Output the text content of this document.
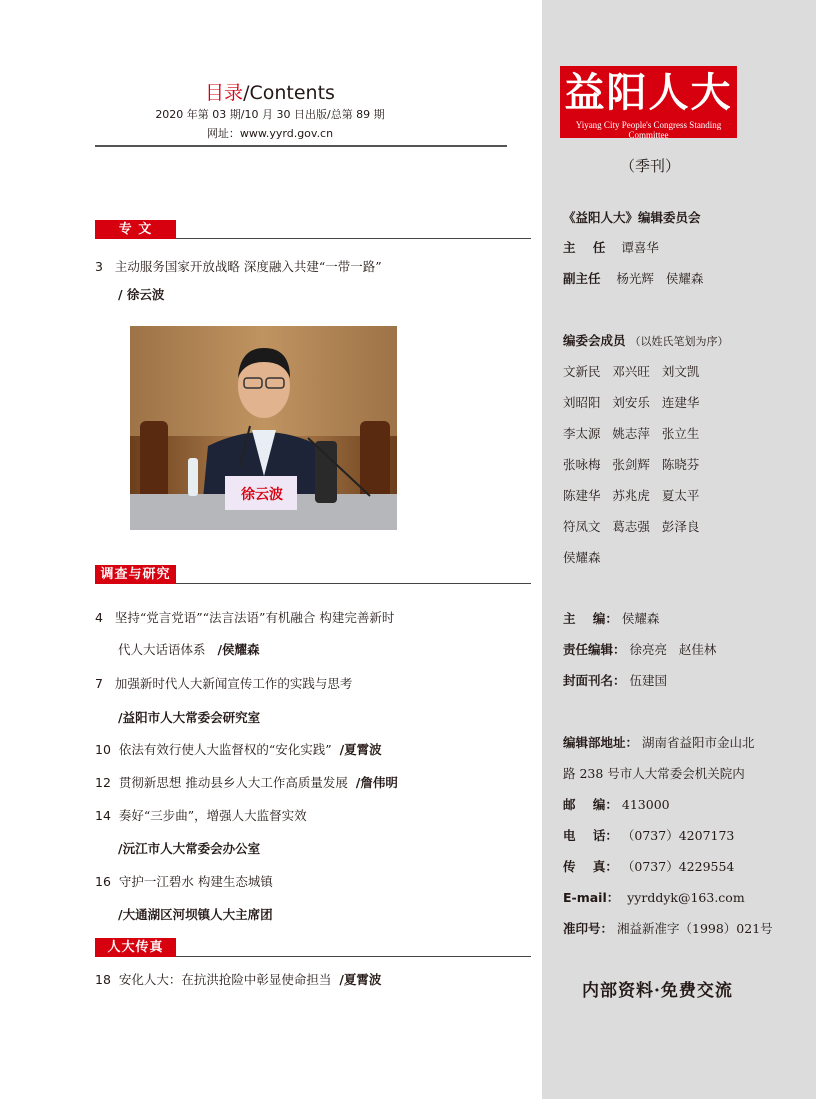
目录/Contents
2020 年第 03 期/10 月 30 日出版/总第 89 期
网址：www.yyrd.gov.cn
专 文
3 主动服务国家开放战略 深度融入共建“一带一路”
/ 徐云波
徐云波
调查与研究
4 坚持“党言党语”“法言法语”有机融合 构建完善新时
代人大话语体系 /侯耀森
7 加强新时代人大新闻宣传工作的实践与思考
/益阳市人大常委会研究室
10 依法有效行使人大监督权的“安化实践” /夏霄波
12 贯彻新思想 推动县乡人大工作高质量发展 /詹伟明
14 奏好“三步曲”，增强人大监督实效
/沅江市人大常委会办公室
16 守护一江碧水 构建生态城镇
/大通湖区河坝镇人大主席团
人大传真
18 安化人大：在抗洪抢险中彰显使命担当 /夏霄波
益阳人大
Yiyang City People's Congress Standing Committee
（季刊）
《益阳人大》编辑委员会
主    任 谭喜华
副主任 杨光辉   侯耀森
编委会成员 （以姓氏笔划为序）
文新民   邓兴旺   刘文凯
刘昭阳   刘安乐   连建华
李太源   姚志萍   张立生
张咏梅   张剑辉   陈晓芬
陈建华   苏兆虎   夏太平
符凤文   葛志强   彭泽良
侯耀森
主    编： 侯耀森
责任编辑： 徐亮亮   赵佳林
封面刊名： 伍建国
编辑部地址： 湖南省益阳市金山北
路 238 号市人大常委会机关院内
邮    编： 413000
电    话： （0737）4207173
传    真： （0737）4229554
E-mail： yyrddyk@163.com
准印号： 湘益新准字（1998）021号
内部资料·免费交流
